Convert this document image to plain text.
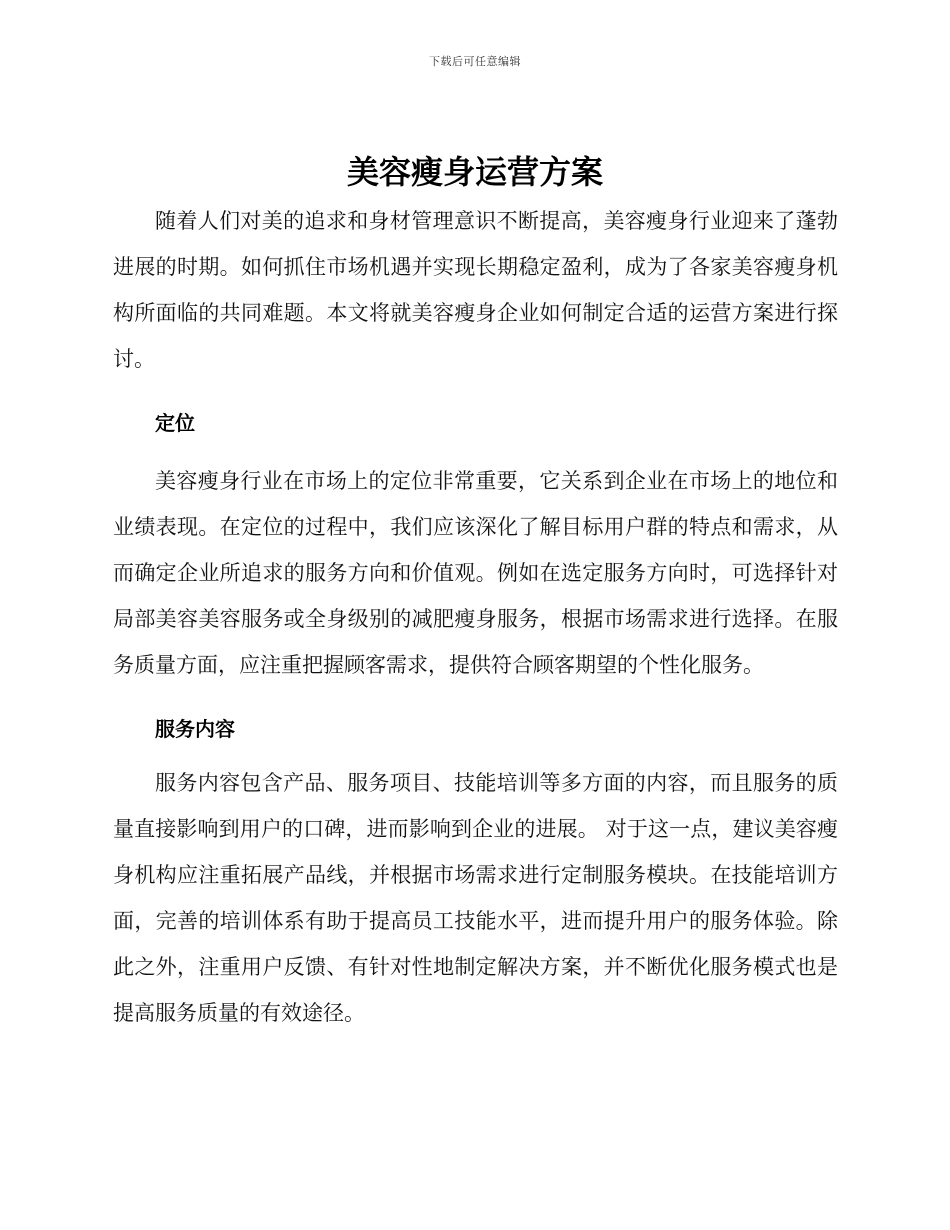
下载后可任意编辑
美容瘦身运营方案

随着人们对美的追求和身材管理意识不断提高，美容瘦身行业迎来了蓬勃进展的时期。如何抓住市场机遇并实现长期稳定盈利，成为了各家美容瘦身机构所面临的共同难题。本文将就美容瘦身企业如何制定合适的运营方案进行探讨。

定位

美容瘦身行业在市场上的定位非常重要，它关系到企业在市场上的地位和业绩表现。在定位的过程中，我们应该深化了解目标用户群的特点和需求，从而确定企业所追求的服务方向和价值观。例如在选定服务方向时，可选择针对局部美容美容服务或全身级别的减肥瘦身服务，根据市场需求进行选择。在服务质量方面，应注重把握顾客需求，提供符合顾客期望的个性化服务。

服务内容

服务内容包含产品、服务项目、技能培训等多方面的内容，而且服务的质量直接影响到用户的口碑，进而影响到企业的进展。 对于这一点，建议美容瘦身机构应注重拓展产品线，并根据市场需求进行定制服务模块。在技能培训方面，完善的培训体系有助于提高员工技能水平，进而提升用户的服务体验。除此之外，注重用户反馈、有针对性地制定解决方案，并不断优化服务模式也是提高服务质量的有效途径。
